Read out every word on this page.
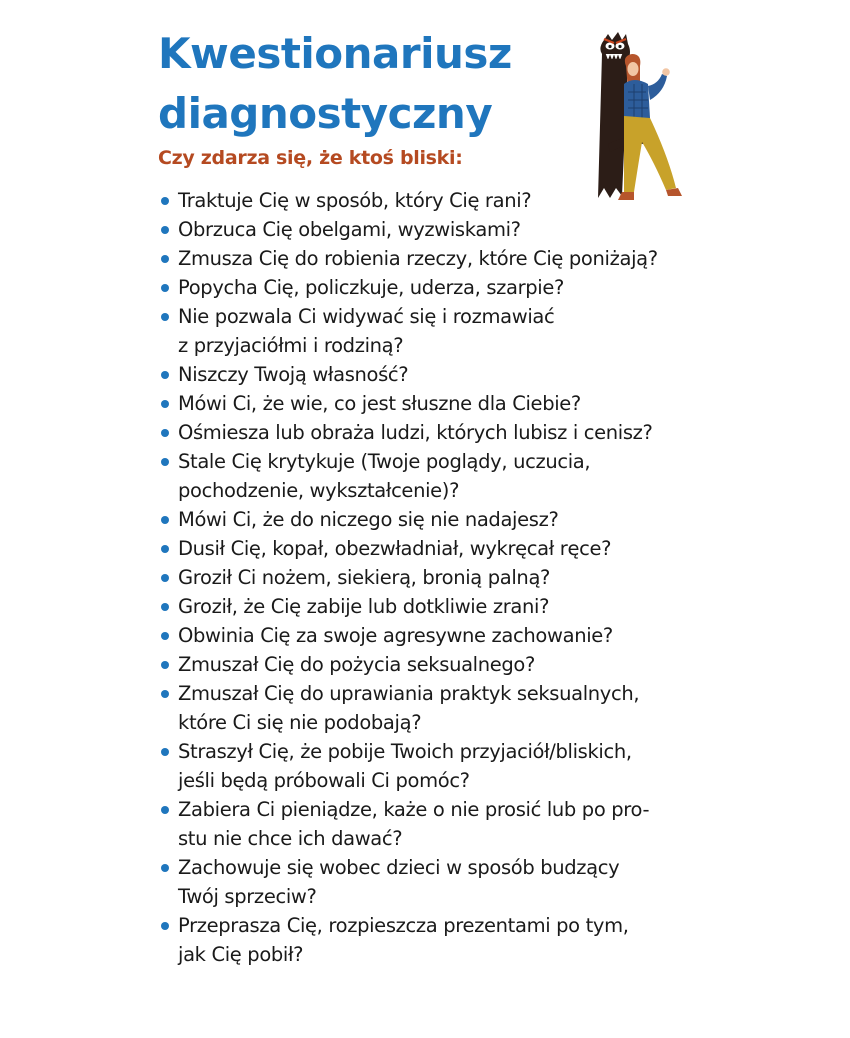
Kwestionariusz diagnostyczny
Czy zdarza się, że ktoś bliski:
Traktuje Cię w sposób, który Cię rani?
Obrzuca Cię obelgami, wyzwiskami?
Zmusza Cię do robienia rzeczy, które Cię poniżają?
Popycha Cię, policzkuje, uderza, szarpie?
Nie pozwala Ci widywać się i rozmawiać
z przyjaciółmi i rodziną?
Niszczy Twoją własność?
Mówi Ci, że wie, co jest słuszne dla Ciebie?
Ośmiesza lub obraża ludzi, których lubisz i cenisz?
Stale Cię krytykuje (Twoje poglądy, uczucia,
pochodzenie, wykształcenie)?
Mówi Ci, że do niczego się nie nadajesz?
Dusił Cię, kopał, obezwładniał, wykręcał ręce?
Groził Ci nożem, siekierą, bronią palną?
Groził, że Cię zabije lub dotkliwie zrani?
Obwinia Cię za swoje agresywne zachowanie?
Zmuszał Cię do pożycia seksualnego?
Zmuszał Cię do uprawiania praktyk seksualnych,
które Ci się nie podobają?
Straszył Cię, że pobije Twoich przyjaciół/bliskich,
jeśli będą próbowali Ci pomóc?
Zabiera Ci pieniądze, każe o nie prosić lub po pro-
stu nie chce ich dawać?
Zachowuje się wobec dzieci w sposób budzący
Twój sprzeciw?
Przeprasza Cię, rozpieszcza prezentami po tym,
jak Cię pobił?
